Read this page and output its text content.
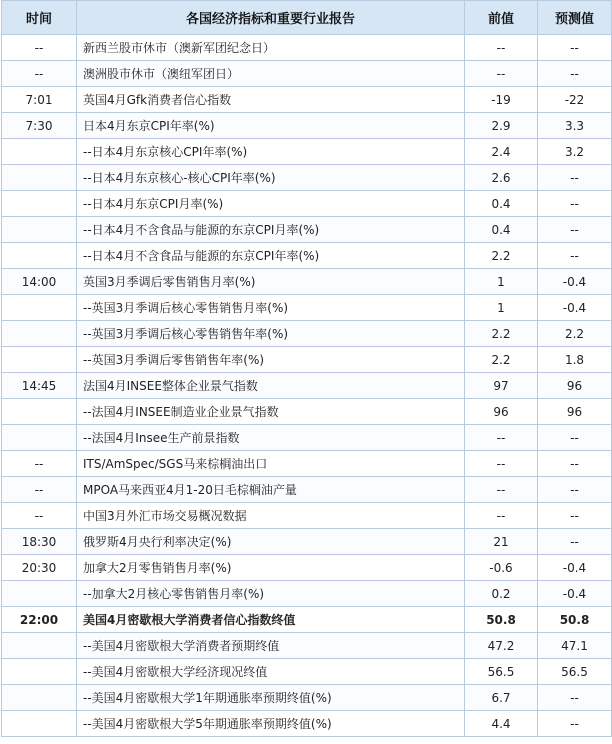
时间	各国经济指标和重要行业报告	前值	预测值
--	新西兰股市休市（澳新军团纪念日）	--	--
--	澳洲股市休市（澳纽军团日）	--	--
7:01	英国4月Gfk消费者信心指数	-19	-22
7:30	日本4月东京CPI年率(%)	2.9	3.3
	--日本4月东京核心CPI年率(%)	2.4	3.2
	--日本4月东京核心-核心CPI年率(%)	2.6	--
	--日本4月东京CPI月率(%)	0.4	--
	--日本4月不含食品与能源的东京CPI月率(%)	0.4	--
	--日本4月不含食品与能源的东京CPI年率(%)	2.2	--
14:00	英国3月季调后零售销售月率(%)	1	-0.4
	--英国3月季调后核心零售销售月率(%)	1	-0.4
	--英国3月季调后核心零售销售年率(%)	2.2	2.2
	--英国3月季调后零售销售年率(%)	2.2	1.8
14:45	法国4月INSEE整体企业景气指数	97	96
	--法国4月INSEE制造业企业景气指数	96	96
	--法国4月Insee生产前景指数	--	--
--	ITS/AmSpec/SGS马来棕榈油出口	--	--
--	MPOA马来西亚4月1-20日毛棕榈油产量	--	--
--	中国3月外汇市场交易概况数据	--	--
18:30	俄罗斯4月央行利率决定(%)	21	--
20:30	加拿大2月零售销售月率(%)	-0.6	-0.4
	--加拿大2月核心零售销售月率(%)	0.2	-0.4
22:00	美国4月密歇根大学消费者信心指数终值	50.8	50.8
	--美国4月密歇根大学消费者预期终值	47.2	47.1
	--美国4月密歇根大学经济现况终值	56.5	56.5
	--美国4月密歇根大学1年期通胀率预期终值(%)	6.7	--
	--美国4月密歇根大学5年期通胀率预期终值(%)	4.4	--
